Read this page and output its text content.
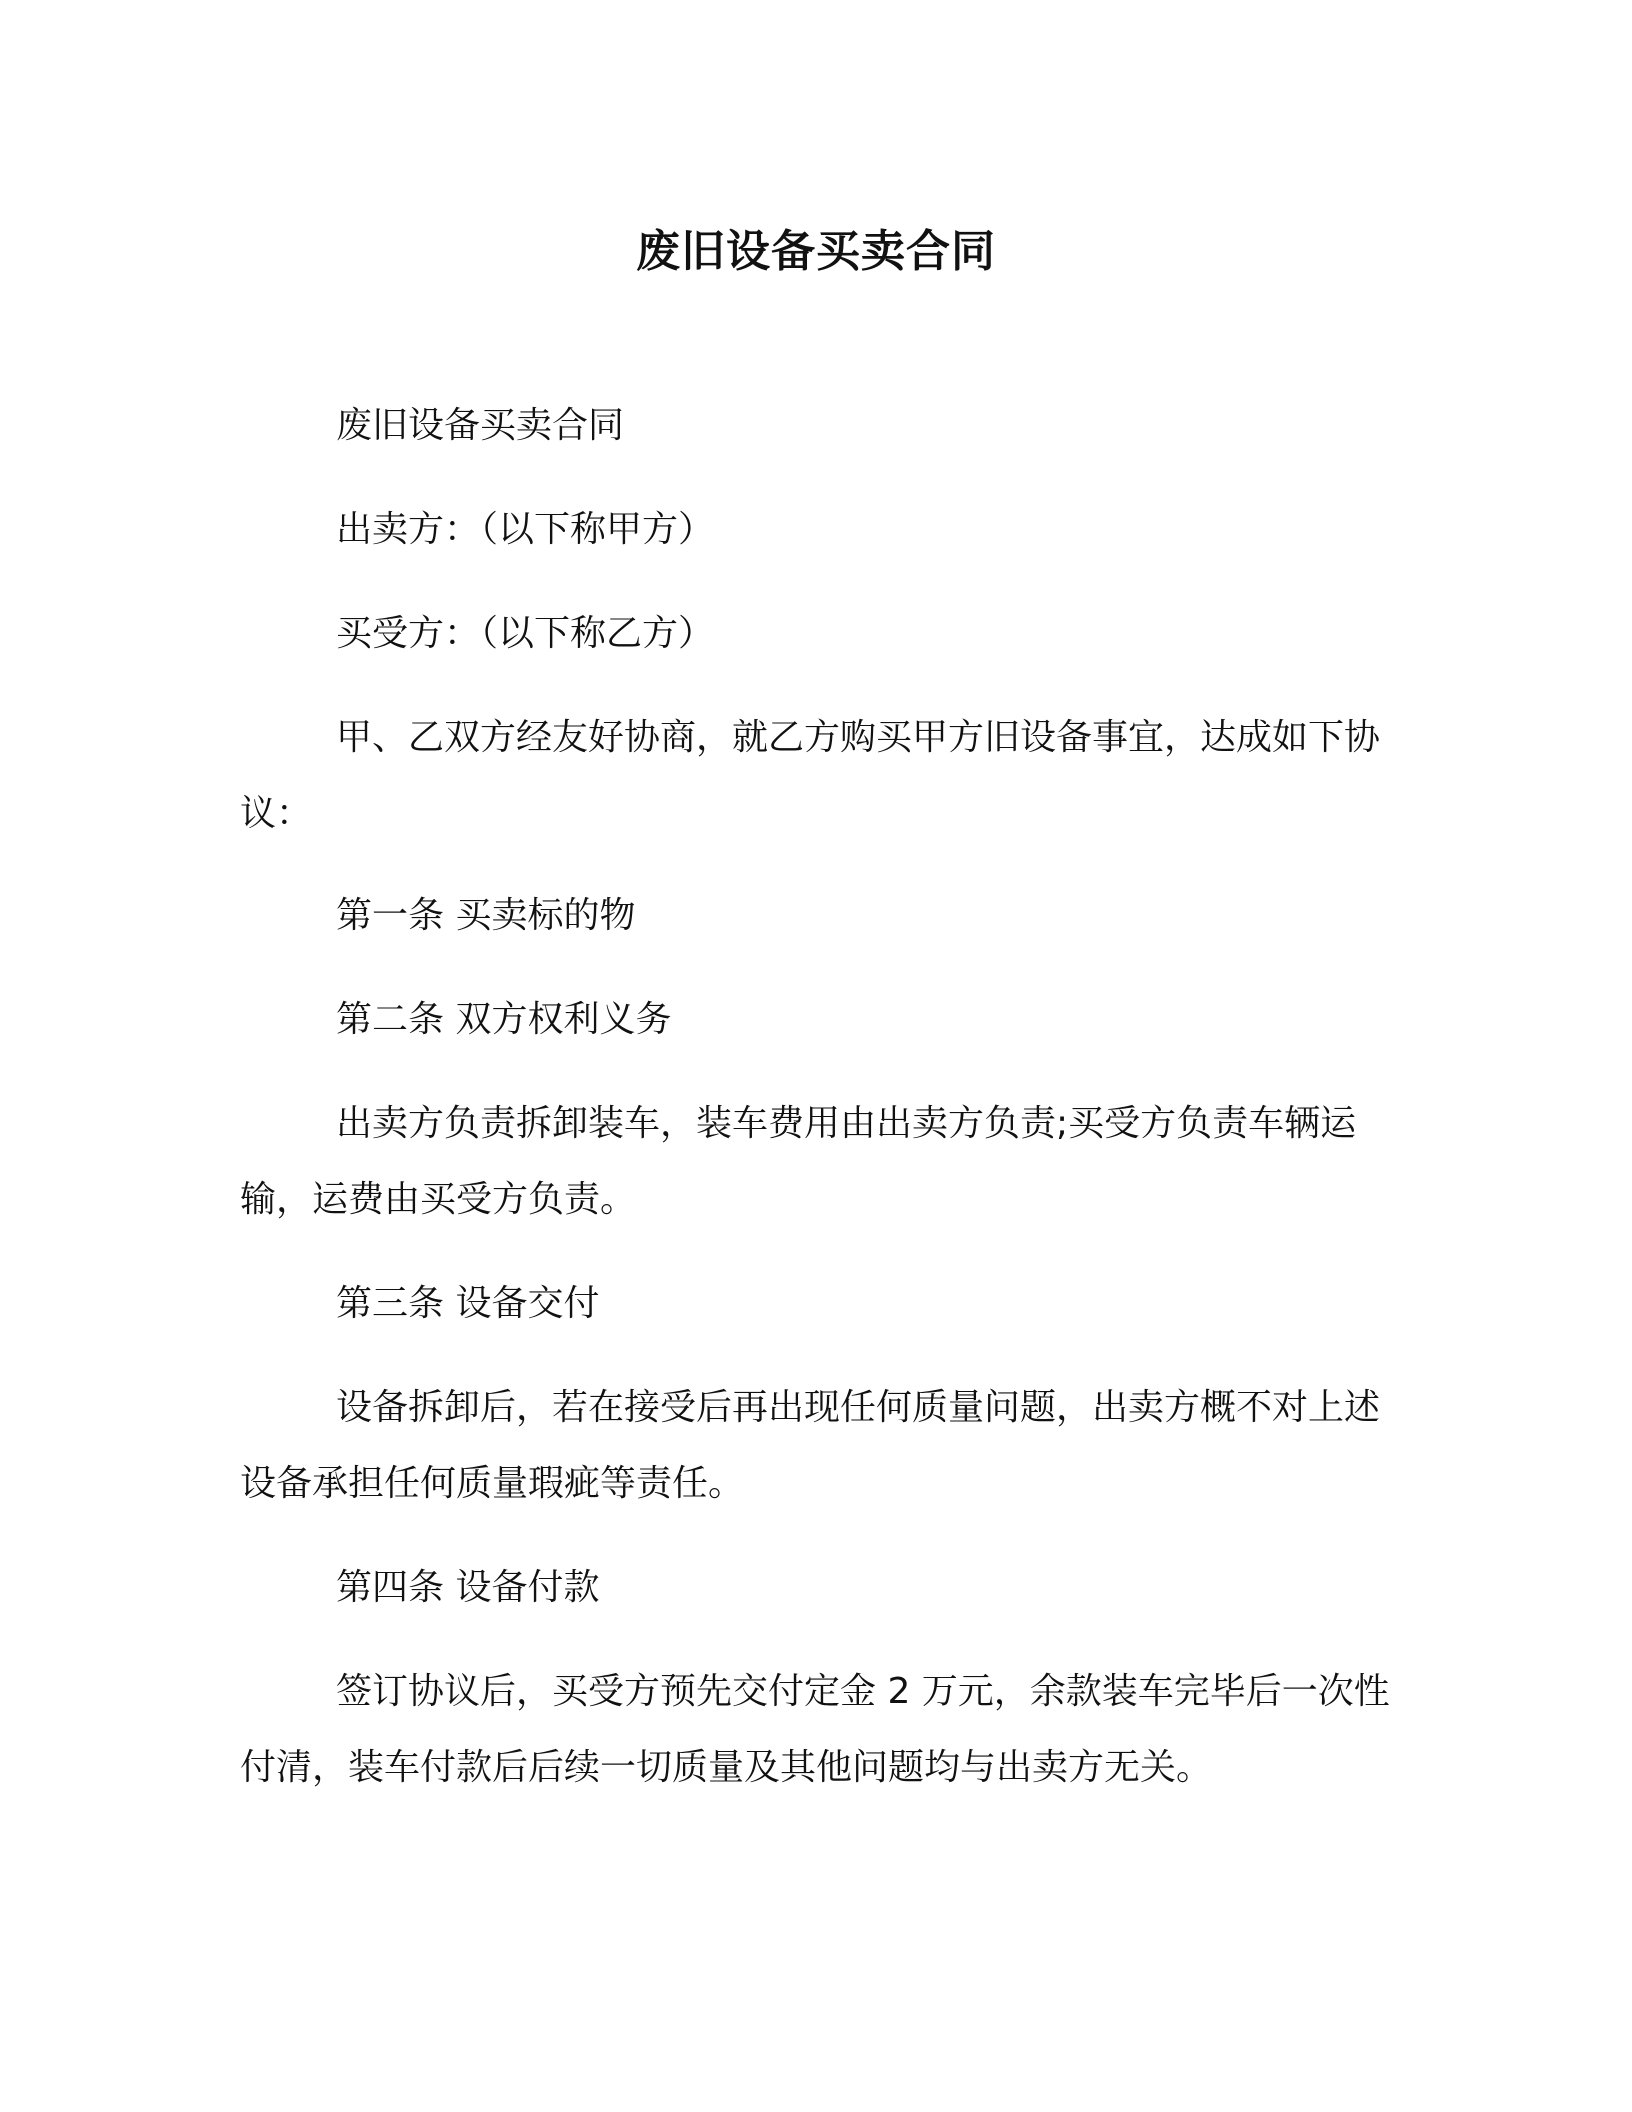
废旧设备买卖合同

废旧设备买卖合同

出卖方：（以下称甲方）

买受方：（以下称乙方）

甲、乙双方经友好协商，就乙方购买甲方旧设备事宜，达成如下协议：

第一条 买卖标的物

第二条 双方权利义务

出卖方负责拆卸装车，装车费用由出卖方负责;买受方负责车辆运输，运费由买受方负责。

第三条 设备交付

设备拆卸后，若在接受后再出现任何质量问题，出卖方概不对上述设备承担任何质量瑕疵等责任。

第四条 设备付款

签订协议后，买受方预先交付定金 2 万元，余款装车完毕后一次性付清，装车付款后后续一切质量及其他问题均与出卖方无关。
